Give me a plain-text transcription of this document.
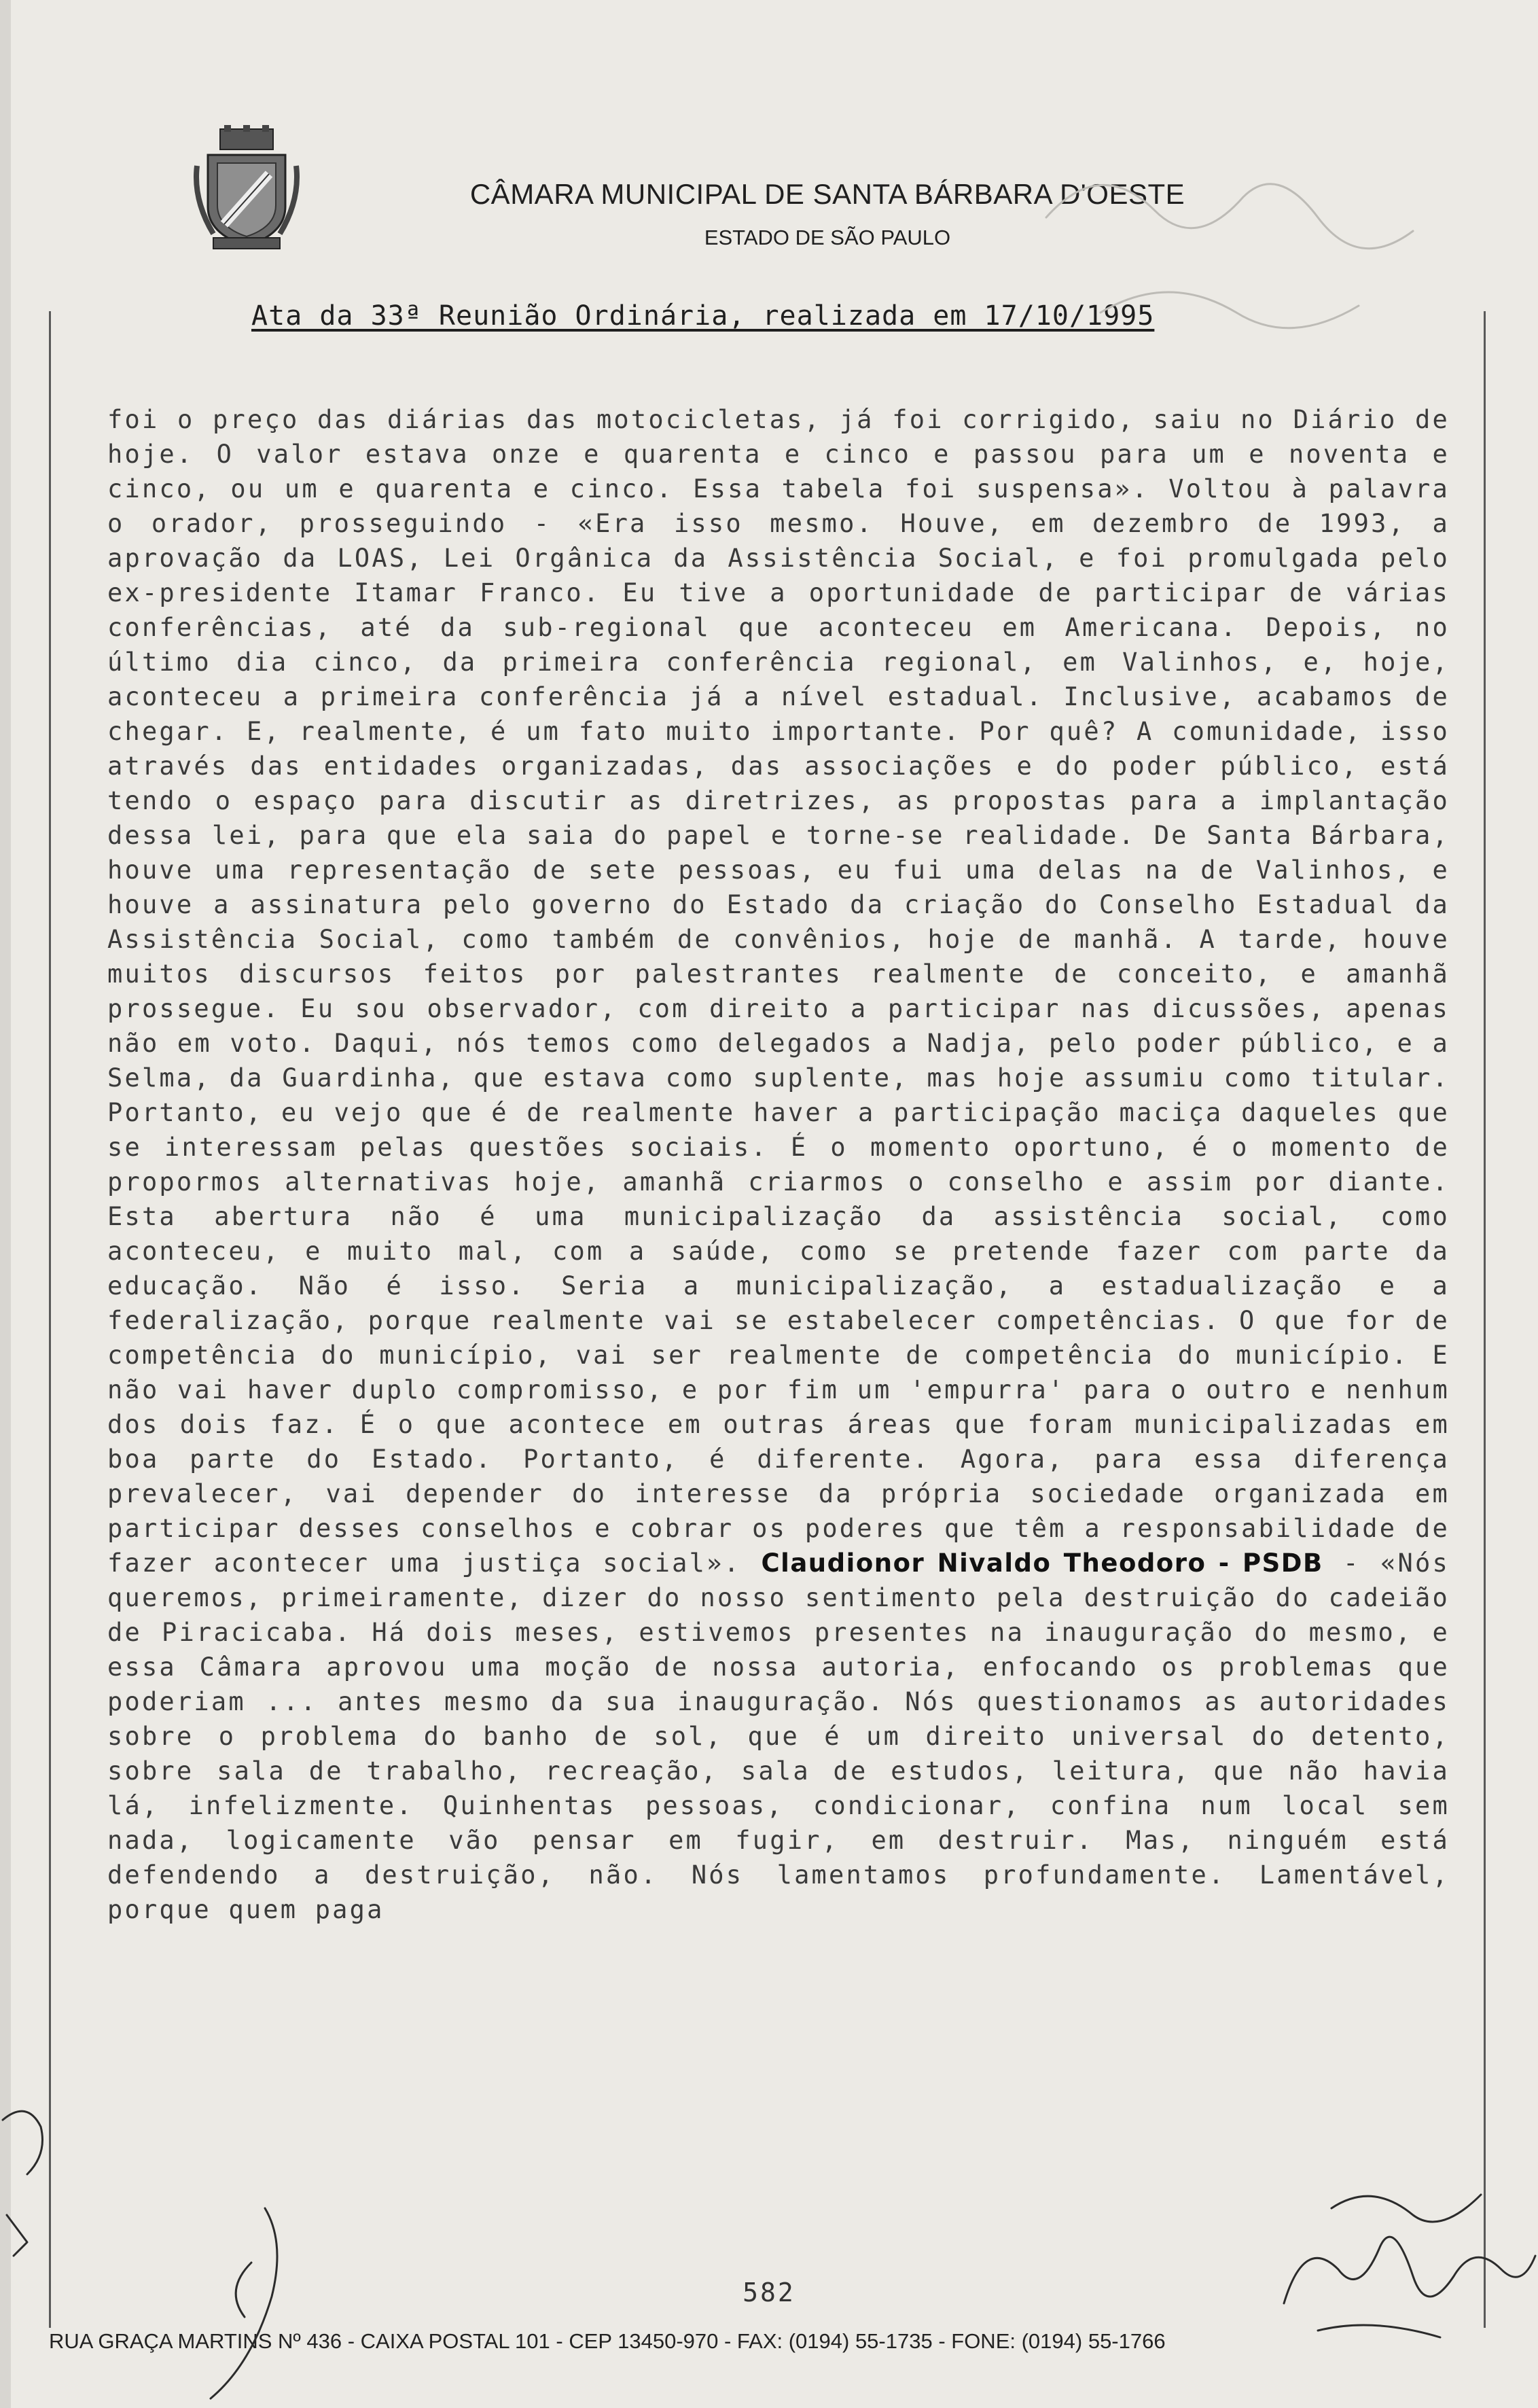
CÂMARA MUNICIPAL DE SANTA BÁRBARA D'OESTE
ESTADO DE SÃO PAULO
Ata da 33ª Reunião Ordinária, realizada em 17/10/1995
foi o preço das diárias das motocicletas, já foi corrigido, saiu no Diário de hoje. O valor estava onze e quarenta e cinco e passou para um e noventa e cinco, ou um e quarenta e cinco. Essa tabela foi suspensa». Voltou à palavra o orador, prosseguindo - «Era isso mesmo. Houve, em dezembro de 1993, a aprovação da LOAS, Lei Orgânica da Assistência Social, e foi promulgada pelo ex-presidente Itamar Franco. Eu tive a oportunidade de participar de várias conferências, até da sub-regional que aconteceu em Americana. Depois, no último dia cinco, da primeira conferência regional, em Valinhos, e, hoje, aconteceu a primeira conferência já a nível estadual. Inclusive, acabamos de chegar. E, realmente, é um fato muito importante. Por quê? A comunidade, isso através das entidades organizadas, das associações e do poder público, está tendo o espaço para discutir as diretrizes, as propostas para a implantação dessa lei, para que ela saia do papel e torne-se realidade. De Santa Bárbara, houve uma representação de sete pessoas, eu fui uma delas na de Valinhos, e houve a assinatura pelo governo do Estado da criação do Conselho Estadual da Assistência Social, como também de convênios, hoje de manhã. A tarde, houve muitos discursos feitos por palestrantes realmente de conceito, e amanhã prossegue. Eu sou observador, com direito a participar nas dicussões, apenas não em voto. Daqui, nós temos como delegados a Nadja, pelo poder público, e a Selma, da Guardinha, que estava como suplente, mas hoje assumiu como titular. Portanto, eu vejo que é de realmente haver a participação maciça daqueles que se interessam pelas questões sociais. É o momento oportuno, é o momento de propormos alternativas hoje, amanhã criarmos o conselho e assim por diante. Esta abertura não é uma municipalização da assistência social, como aconteceu, e muito mal, com a saúde, como se pretende fazer com parte da educação. Não é isso. Seria a municipalização, a estadualização e a federalização, porque realmente vai se estabelecer competências. O que for de competência do município, vai ser realmente de competência do município. E não vai haver duplo compromisso, e por fim um 'empurra' para o outro e nenhum dos dois faz. É o que acontece em outras áreas que foram municipalizadas em boa parte do Estado. Portanto, é diferente. Agora, para essa diferença prevalecer, vai depender do interesse da própria sociedade organizada em participar desses conselhos e cobrar os poderes que têm a responsabilidade de fazer acontecer uma justiça social». Claudionor Nivaldo Theodoro - PSDB - «Nós queremos, primeiramente, dizer do nosso sentimento pela destruição do cadeião de Piracicaba. Há dois meses, estivemos presentes na inauguração do mesmo, e essa Câmara aprovou uma moção de nossa autoria, enfocando os problemas que poderiam ... antes mesmo da sua inauguração. Nós questionamos as autoridades sobre o problema do banho de sol, que é um direito universal do detento, sobre sala de trabalho, recreação, sala de estudos, leitura, que não havia lá, infelizmente. Quinhentas pessoas, condicionar, confina num local sem nada, logicamente vão pensar em fugir, em destruir. Mas, ninguém está defendendo a destruição, não. Nós lamentamos profundamente. Lamentável, porque quem paga
582
RUA GRAÇA MARTINS Nº 436 - CAIXA POSTAL 101 - CEP 13450-970 - FAX: (0194) 55-1735 - FONE: (0194) 55-1766
